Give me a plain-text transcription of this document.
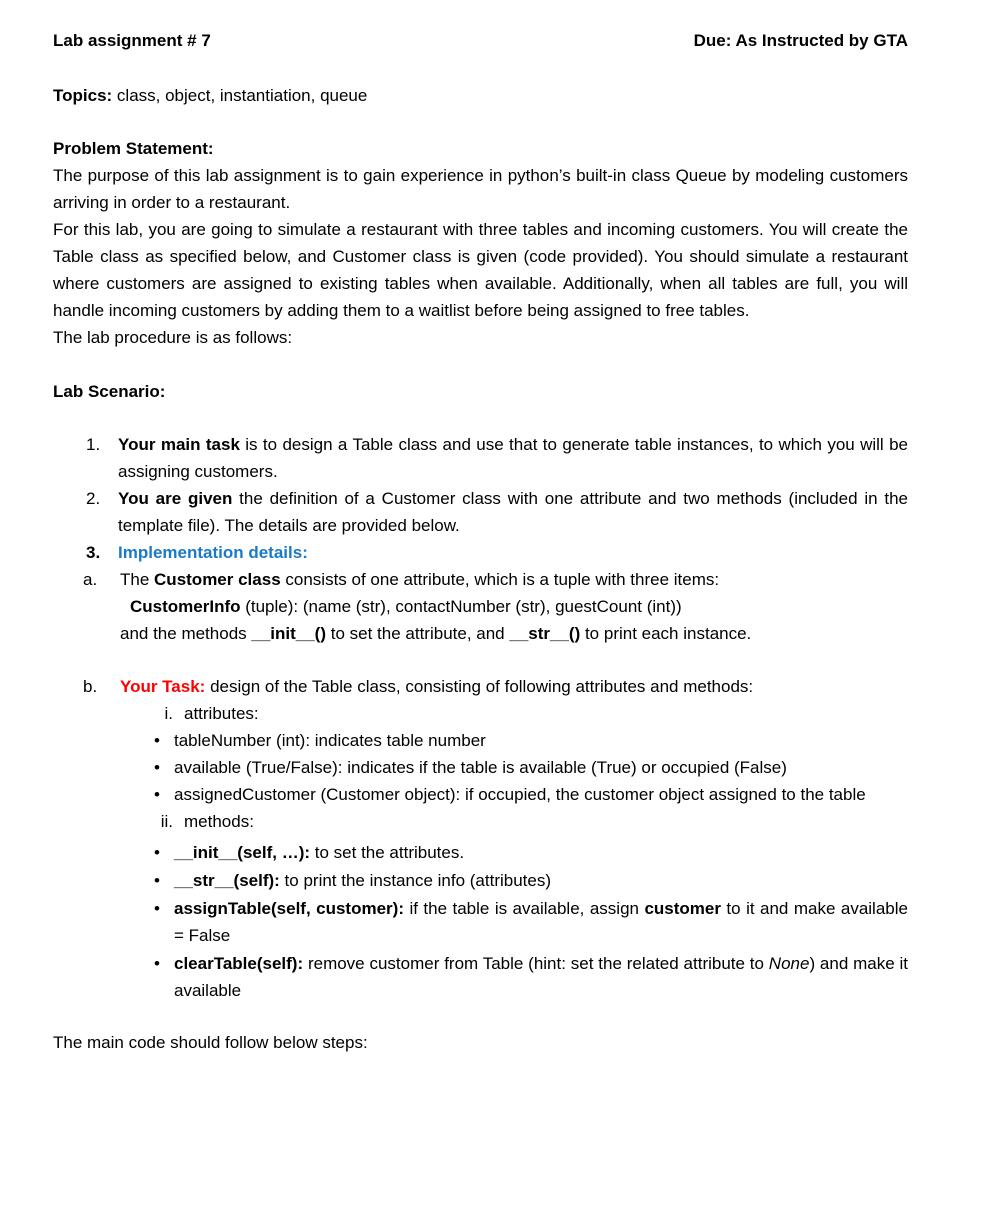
Lab assignment # 7	Due: As Instructed by GTA
Topics: class, object, instantiation, queue
Problem Statement:
The purpose of this lab assignment is to gain experience in python’s built-in class Queue by modeling customers arriving in order to a restaurant.
For this lab, you are going to simulate a restaurant with three tables and incoming customers. You will create the Table class as specified below, and Customer class is given (code provided). You should simulate a restaurant where customers are assigned to existing tables when available. Additionally, when all tables are full, you will handle incoming customers by adding them to a waitlist before being assigned to free tables.
The lab procedure is as follows:
Lab Scenario:
1.	Your main task is to design a Table class and use that to generate table instances, to which you will be assigning customers.
2.	You are given the definition of a Customer class with one attribute and two methods (included in the template file). The details are provided below.
3.	Implementation details:
a.	The Customer class consists of one attribute, which is a tuple with three items:
CustomerInfo (tuple): (name (str), contactNumber (str), guestCount (int))
and the methods __init__() to set the attribute, and __str__() to print each instance.
b.	Your Task: design of the Table class, consisting of following attributes and methods:
i. attributes:
• tableNumber (int): indicates table number
• available (True/False): indicates if the table is available (True) or occupied (False)
• assignedCustomer (Customer object): if occupied, the customer object assigned to the table
ii. methods:
• __init__(self, …): to set the attributes.
• __str__(self): to print the instance info (attributes)
• assignTable(self, customer): if the table is available, assign customer to it and make available = False
• clearTable(self): remove customer from Table (hint: set the related attribute to None) and make it available
The main code should follow below steps:
